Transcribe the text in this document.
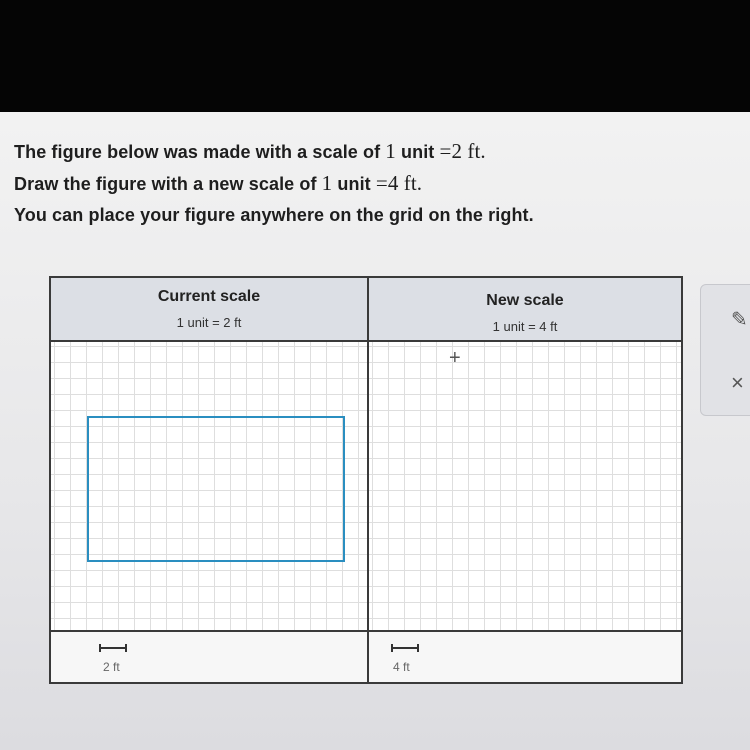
The figure below was made with a scale of 1 unit =2 ft.
Draw the figure with a new scale of 1 unit =4 ft.
You can place your figure anywhere on the grid on the right.
Current scale
1 unit = 2 ft
2 ft
New scale
1 unit = 4 ft
+
4 ft
✎
×
